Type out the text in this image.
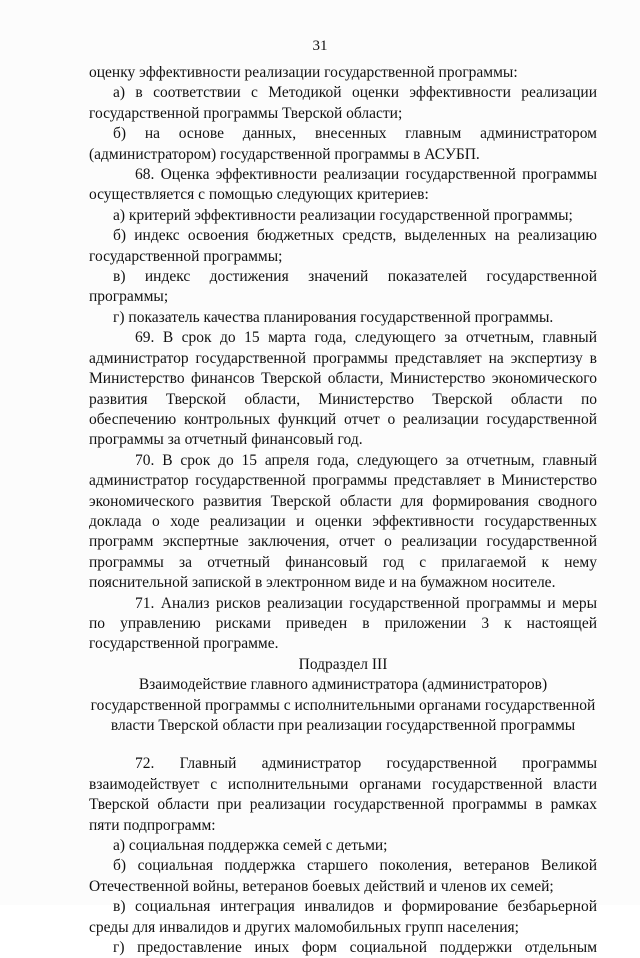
31

оценку эффективности реализации государственной программы:

а) в соответствии с Методикой оценки эффективности реализации государственной программы Тверской области;

б) на основе данных, внесенных главным администратором (администратором) государственной программы в АСУБП.

68. Оценка эффективности реализации государственной программы осуществляется с помощью следующих критериев:

а) критерий эффективности реализации государственной программы;

б) индекс освоения бюджетных средств, выделенных на реализацию государственной программы;

в) индекс достижения значений показателей государственной программы;

г) показатель качества планирования государственной программы.

69. В срок до 15 марта года, следующего за отчетным, главный администратор государственной программы представляет на экспертизу в Министерство финансов Тверской области, Министерство экономического развития Тверской области, Министерство Тверской области по обеспечению контрольных функций отчет о реализации государственной программы за отчетный финансовый год.

70. В срок до 15 апреля года, следующего за отчетным, главный администратор государственной программы представляет в Министерство экономического развития Тверской области для формирования сводного доклада о ходе реализации и оценки эффективности государственных программ экспертные заключения, отчет о реализации государственной программы за отчетный финансовый год с прилагаемой к нему пояснительной запиской в электронном виде и на бумажном носителе.

71. Анализ рисков реализации государственной программы и меры по управлению рисками приведен в приложении 3 к настоящей государственной программе.

Подраздел III

Взаимодействие главного администратора (администраторов)

государственной программы с исполнительными органами государственной

власти Тверской области при реализации государственной программы

72. Главный администратор государственной программы взаимодействует с исполнительными органами государственной власти Тверской области при реализации государственной программы в рамках пяти подпрограмм:

а) социальная поддержка семей с детьми;

б) социальная поддержка старшего поколения, ветеранов Великой Отечественной войны, ветеранов боевых действий и членов их семей;

в) социальная интеграция инвалидов и формирование безбарьерной среды для инвалидов и других маломобильных групп населения;

г) предоставление иных форм социальной поддержки отдельным
